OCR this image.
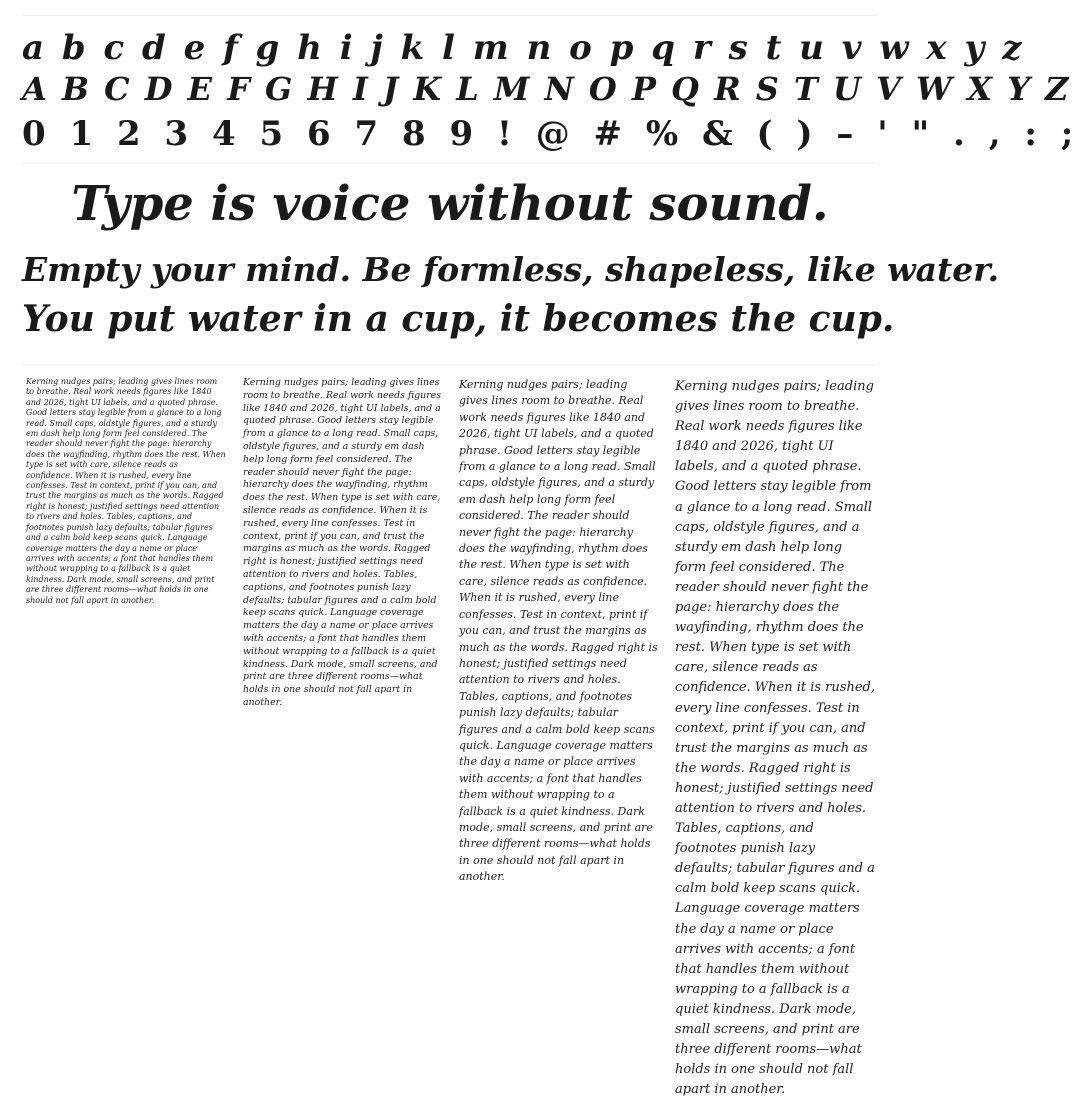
a b c d e f g h i j k l m n o p q r s t u v w x y z
A B C D E F G H I J K L M N O P Q R S T U V W X Y Z
0 1 2 3 4 5 6 7 8 9 ! @ # % & ( ) – ' " . , : ;
Type is voice without sound.
Empty your mind. Be formless, shapeless, like water.
You put water in a cup, it becomes the cup.

Kerning nudges pairs; leading gives lines room to breathe. Real work needs figures like 1840 and 2026, tight UI labels, and a quoted phrase. Good letters stay legible from a glance to a long read. Small caps, oldstyle figures, and a sturdy em dash help long form feel considered. The reader should never fight the page: hierarchy does the wayfinding, rhythm does the rest. When type is set with care, silence reads as confidence. When it is rushed, every line confesses. Test in context, print if you can, and trust the margins as much as the words. Ragged right is honest; justified settings need attention to rivers and holes. Tables, captions, and footnotes punish lazy defaults; tabular figures and a calm bold keep scans quick. Language coverage matters the day a name or place arrives with accents; a font that handles them without wrapping to a fallback is a quiet kindness. Dark mode, small screens, and print are three different rooms—what holds in one should not fall apart in another.

Kerning nudges pairs; leading gives lines room to breathe. Real work needs figures like 1840 and 2026, tight UI labels, and a quoted phrase. Good letters stay legible from a glance to a long read. Small caps, oldstyle figures, and a sturdy em dash help long form feel considered. The reader should never fight the page: hierarchy does the wayfinding, rhythm does the rest. When type is set with care, silence reads as confidence. When it is rushed, every line confesses. Test in context, print if you can, and trust the margins as much as the words. Ragged right is honest; justified settings need attention to rivers and holes. Tables, captions, and footnotes punish lazy defaults; tabular figures and a calm bold keep scans quick. Language coverage matters the day a name or place arrives with accents; a font that handles them without wrapping to a fallback is a quiet kindness. Dark mode, small screens, and print are three different rooms—what holds in one should not fall apart in another.

Kerning nudges pairs; leading gives lines room to breathe. Real work needs figures like 1840 and 2026, tight UI labels, and a quoted phrase. Good letters stay legible from a glance to a long read. Small caps, oldstyle figures, and a sturdy em dash help long form feel considered. The reader should never fight the page: hierarchy does the wayfinding, rhythm does the rest. When type is set with care, silence reads as confidence. When it is rushed, every line confesses. Test in context, print if you can, and trust the margins as much as the words. Ragged right is honest; justified settings need attention to rivers and holes. Tables, captions, and footnotes punish lazy defaults; tabular figures and a calm bold keep scans quick. Language coverage matters the day a name or place arrives with accents; a font that handles them without wrapping to a fallback is a quiet kindness. Dark mode, small screens, and print are three different rooms—what holds in one should not fall apart in another.

Kerning nudges pairs; leading gives lines room to breathe. Real work needs figures like 1840 and 2026, tight UI labels, and a quoted phrase. Good letters stay legible from a glance to a long read. Small caps, oldstyle figures, and a sturdy em dash help long form feel considered. The reader should never fight the page: hierarchy does the wayfinding, rhythm does the rest. When type is set with care, silence reads as confidence. When it is rushed, every line confesses. Test in context, print if you can, and trust the margins as much as the words. Ragged right is honest; justified settings need attention to rivers and holes. Tables, captions, and footnotes punish lazy defaults; tabular figures and a calm bold keep scans quick. Language coverage matters the day a name or place arrives with accents; a font that handles them without wrapping to a fallback is a quiet kindness. Dark mode, small screens, and print are three different rooms—what holds in one should not fall apart in another.
